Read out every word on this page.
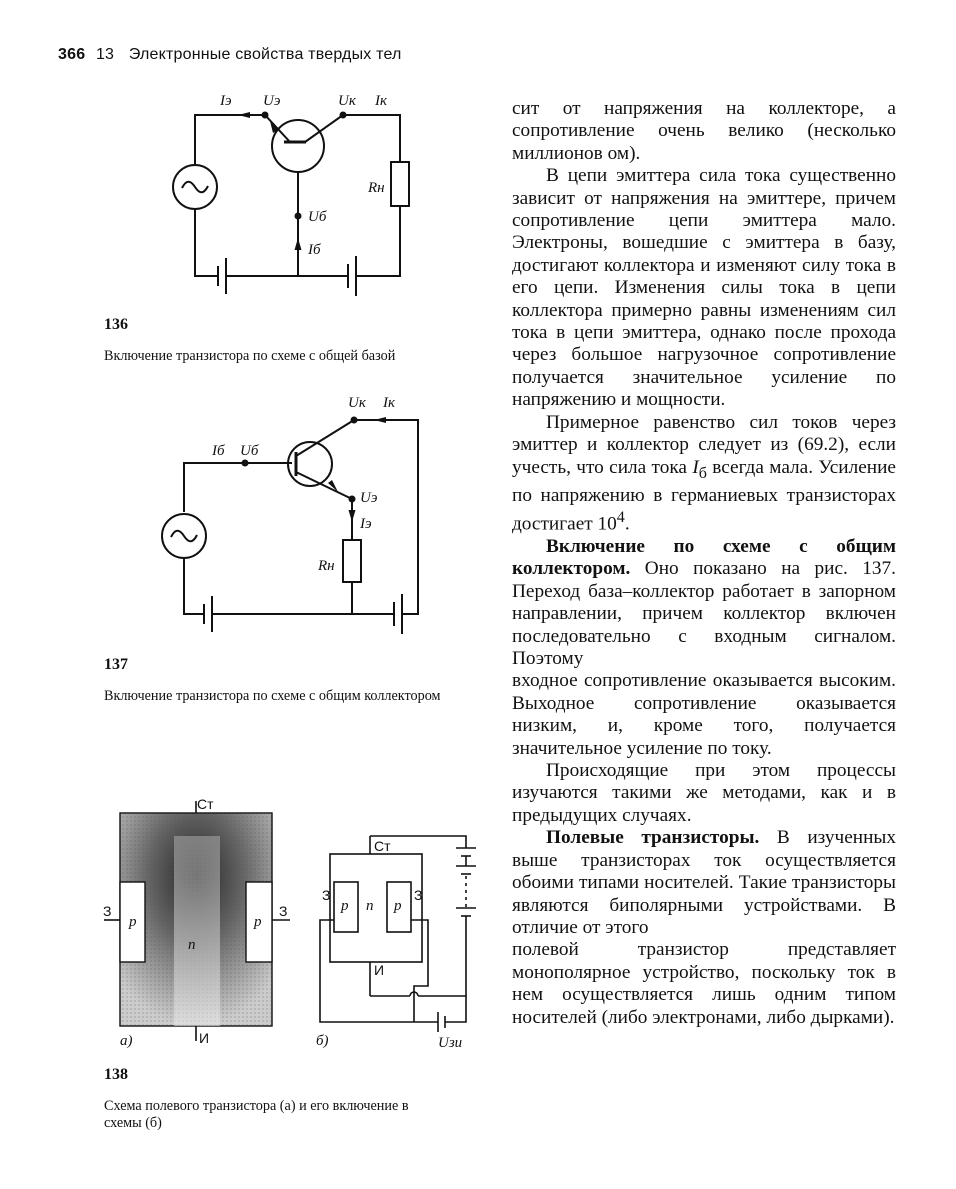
366 13 Электронные свойства твердых тел
Iэ Uэ	Uк Iк
Rн
Uб
Iб
136
Включение транзистора по схеме с общей базой
Iб Uб
Uк Iк
Uэ
Iэ
Rн
137
Включение транзистора по схеме с общим коллектором
Ст
З	З
р	р
n
И
а)
Ст
З	З
р n р
И
б)	Uзи
138
Схема полевого транзистора (а) и его включение в схемы (б)

сит от напряжения на коллекторе, а сопротивление очень велико (несколько миллионов ом).

В цепи эмиттера сила тока существенно зависит от напряжения на эмиттере, причем сопротивление цепи эмиттера мало. Электроны, вошедшие с эмиттера в базу, достигают коллектора и изменяют силу тока в его цепи. Изменения силы тока в цепи коллектора примерно равны изменениям сил тока в цепи эмиттера, однако после прохода через большое нагрузочное сопротивление получается значительное усиление по напряжению и мощности.

Примерное равенство сил токов через эмиттер и коллектор следует из (69.2), если учесть, что сила тока $I_б$ всегда мала. Усиление по напряжению в германиевых транзисторах достигает $10^4$.

Включение по схеме с общим коллектором. Оно показано на рис. 137. Переход база–коллектор работает в запорном направлении, причем коллектор включен последовательно с входным сигналом. Поэтому

входное сопротивление оказывается высоким. Выходное сопротивление оказывается низким, и, кроме того, получается значительное усиление по току.

Происходящие при этом процессы изучаются такими же методами, как и в предыдущих случаях.

Полевые транзисторы. В изученных выше транзисторах ток осуществляется обоими типами носителей. Такие транзисторы являются биполярными устройствами. В отличие от этого

полевой транзистор представляет монополярное устройство, поскольку ток в нем осуществляется лишь одним типом носителей (либо электронами, либо дырками).
